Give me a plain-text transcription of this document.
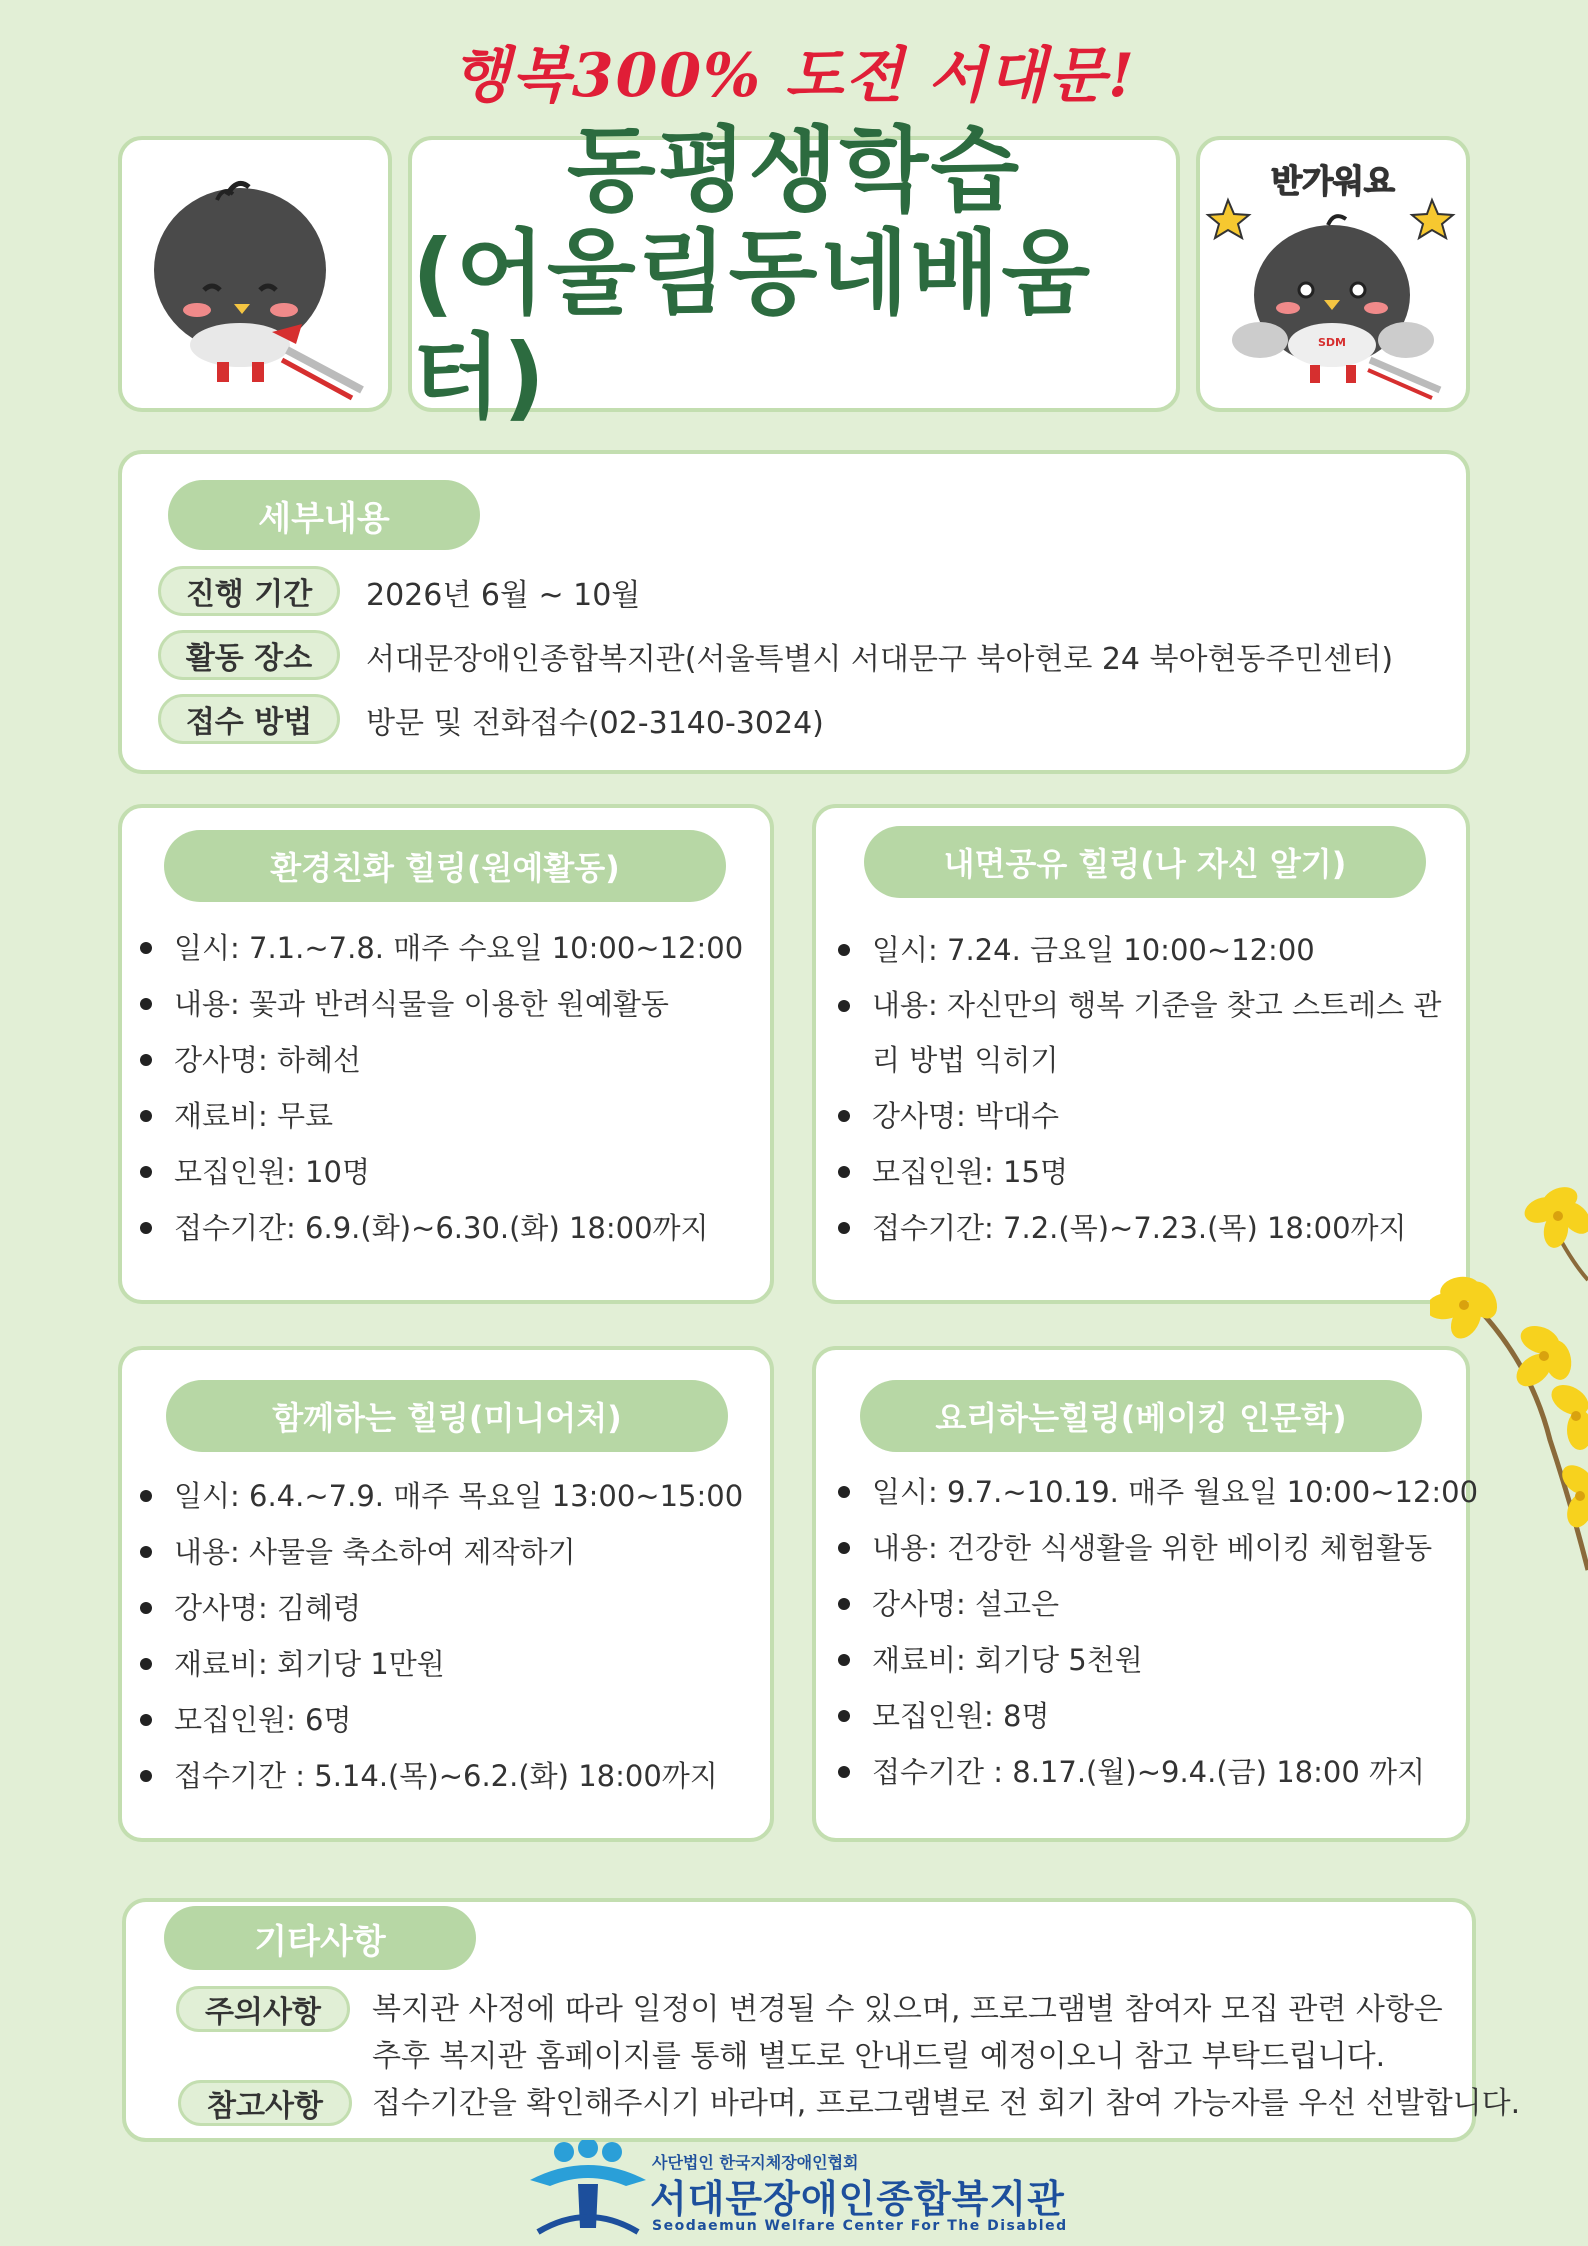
행복300% 도전 서대문!
동평생학습
(어울림동네배움터)
반가워요
SDM
세부내용
진행 기간	2026년 6월 ~ 10월
활동 장소	서대문장애인종합복지관(서울특별시 서대문구 북아현로 24 북아현동주민센터)
접수 방법	방문 및 전화접수(02-3140-3024)
환경친화 힐링(원예활동)
일시: 7.1.~7.8. 매주 수요일 10:00~12:00
내용: 꽃과 반려식물을 이용한 원예활동
강사명: 하혜선
재료비: 무료
모집인원: 10명
접수기간: 6.9.(화)~6.30.(화) 18:00까지
내면공유 힐링(나 자신 알기)
일시: 7.24. 금요일 10:00~12:00
내용: 자신만의 행복 기준을 찾고 스트레스 관리 방법 익히기
강사명: 박대수
모집인원: 15명
접수기간: 7.2.(목)~7.23.(목) 18:00까지
함께하는 힐링(미니어처)
일시: 6.4.~7.9. 매주 목요일 13:00~15:00
내용: 사물을 축소하여 제작하기
강사명: 김혜령
재료비: 회기당 1만원
모집인원: 6명
접수기간 : 5.14.(목)~6.2.(화) 18:00까지
요리하는힐링(베이킹 인문학)
일시: 9.7.~10.19. 매주 월요일 10:00~12:00
내용: 건강한 식생활을 위한 베이킹 체험활동
강사명: 설고은
재료비: 회기당 5천원
모집인원: 8명
접수기간 : 8.17.(월)~9.4.(금) 18:00 까지
기타사항
주의사항	복지관 사정에 따라 일정이 변경될 수 있으며, 프로그램별 참여자 모집 관련 사항은 추후 복지관 홈페이지를 통해 별도로 안내드릴 예정이오니 참고 부탁드립니다.
참고사항	접수기간을 확인해주시기 바라며, 프로그램별로 전 회기 참여 가능자를 우선 선발합니다.
사단법인 한국지체장애인협회
서대문장애인종합복지관
Seodaemun Welfare Center For The Disabled
